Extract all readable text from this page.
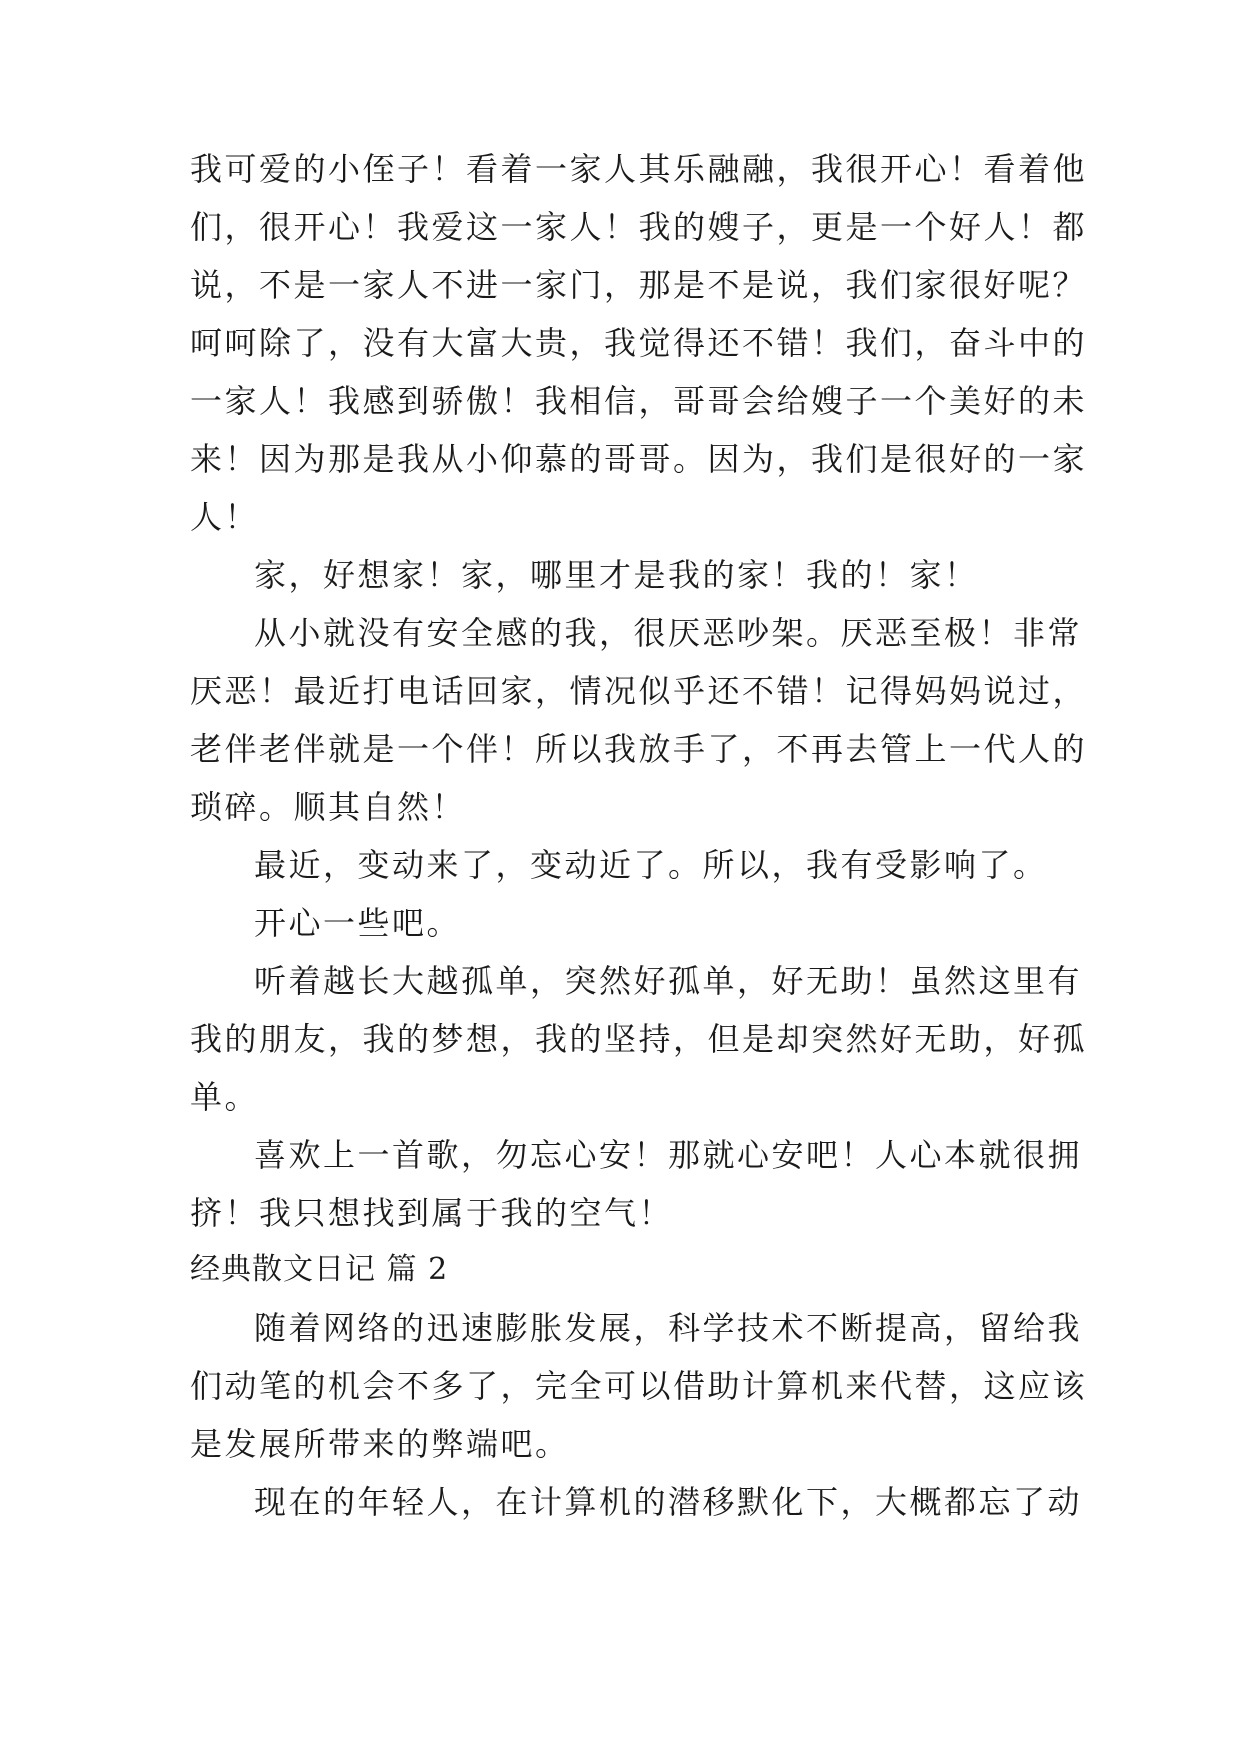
我可爱的小侄子！看着一家人其乐融融，我很开心！看着他
们，很开心！我爱这一家人！我的嫂子，更是一个好人！都
说，不是一家人不进一家门，那是不是说，我们家很好呢？
呵呵除了，没有大富大贵，我觉得还不错！我们，奋斗中的
一家人！我感到骄傲！我相信，哥哥会给嫂子一个美好的未
来！因为那是我从小仰慕的哥哥。因为，我们是很好的一家
人！
家，好想家！家，哪里才是我的家！我的！家！
从小就没有安全感的我，很厌恶吵架。厌恶至极！非常
厌恶！最近打电话回家，情况似乎还不错！记得妈妈说过，
老伴老伴就是一个伴！所以我放手了，不再去管上一代人的
琐碎。顺其自然！
最近，变动来了，变动近了。所以，我有受影响了。
开心一些吧。
听着越长大越孤单，突然好孤单，好无助！虽然这里有
我的朋友，我的梦想，我的坚持，但是却突然好无助，好孤
单。
喜欢上一首歌，勿忘心安！那就心安吧！人心本就很拥
挤！我只想找到属于我的空气！
经典散文日记 篇 2
随着网络的迅速膨胀发展，科学技术不断提高，留给我
们动笔的机会不多了，完全可以借助计算机来代替，这应该
是发展所带来的弊端吧。
现在的年轻人，在计算机的潜移默化下，大概都忘了动
